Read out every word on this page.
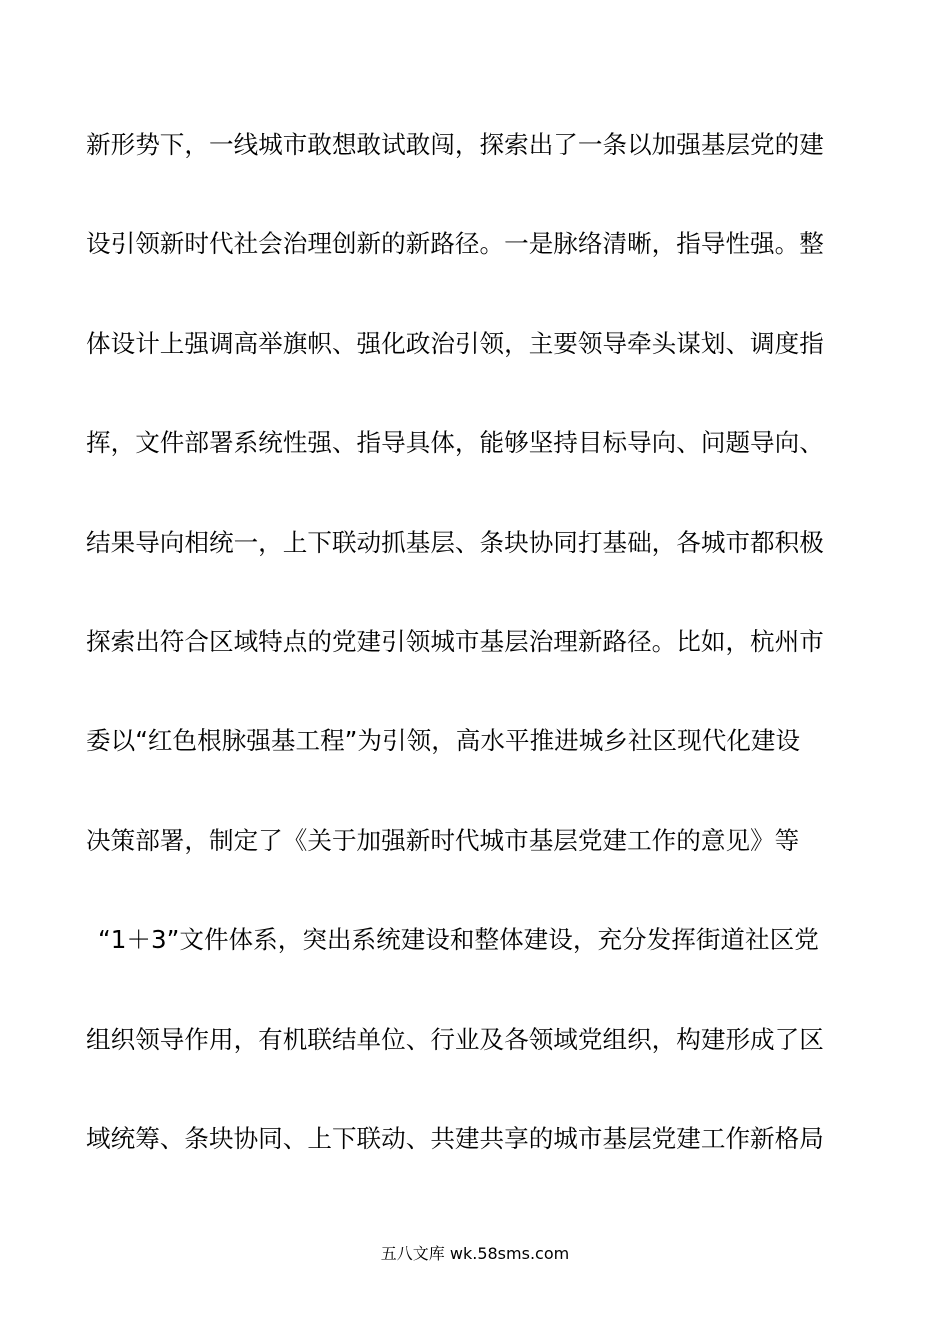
新形势下，一线城市敢想敢试敢闯，探索出了一条以加强基层党的建
设引领新时代社会治理创新的新路径。一是脉络清晰，指导性强。整
体设计上强调高举旗帜、强化政治引领，主要领导牵头谋划、调度指
挥，文件部署系统性强、指导具体，能够坚持目标导向、问题导向、
结果导向相统一，上下联动抓基层、条块协同打基础，各城市都积极
探索出符合区域特点的党建引领城市基层治理新路径。比如，杭州市
委以“红色根脉强基工程”为引领，高水平推进城乡社区现代化建设
决策部署，制定了《关于加强新时代城市基层党建工作的意见》等
“1＋3”文件体系，突出系统建设和整体建设，充分发挥街道社区党
组织领导作用，有机联结单位、行业及各领域党组织，构建形成了区
域统筹、条块协同、上下联动、共建共享的城市基层党建工作新格局
五八文库 wk.58sms.com
